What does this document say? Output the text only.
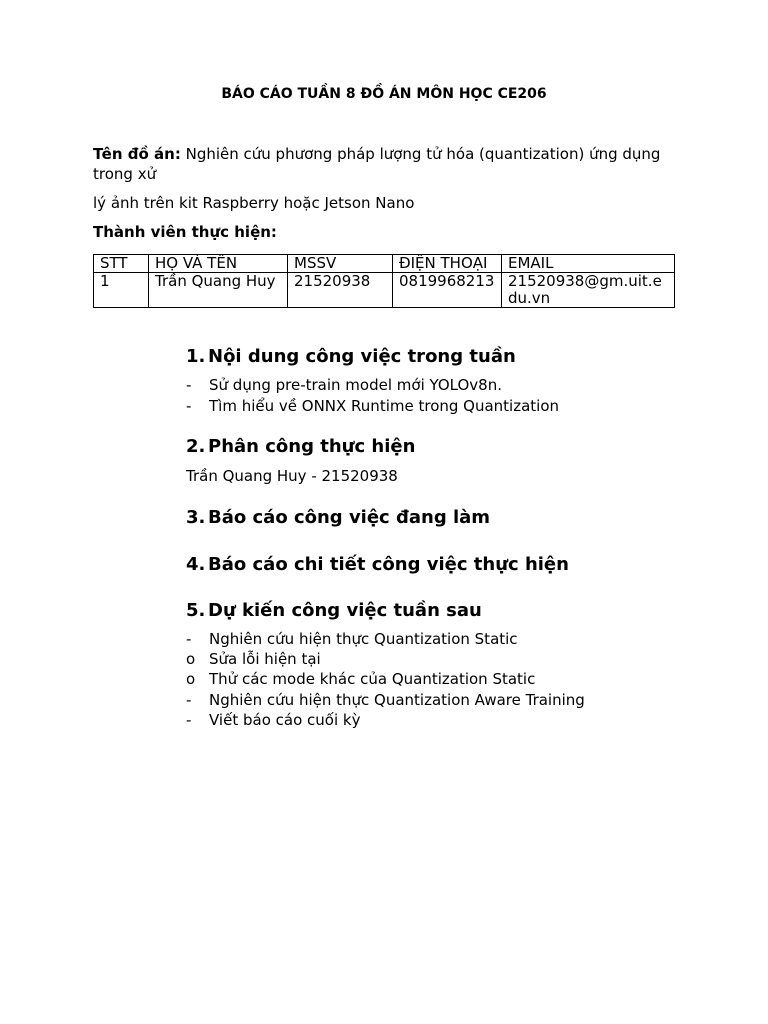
BÁO CÁO TUẦN 8 ĐỒ ÁN MÔN HỌC CE206
Tên đồ án: Nghiên cứu phương pháp lượng tử hóa (quantization) ứng dụng trong xử
lý ảnh trên kit Raspberry hoặc Jetson Nano
Thành viên thực hiện:
STT	HỌ VÀ TÊN	MSSV	ĐIỆN THOẠI	EMAIL
1	Trần Quang Huy	21520938	0819968213	21520938@gm.uit.edu.vn
1. Nội dung công việc trong tuần
- Sử dụng pre-train model mới YOLOv8n.
- Tìm hiểu về ONNX Runtime trong Quantization
2. Phân công thực hiện
Trần Quang Huy - 21520938
3. Báo cáo công việc đang làm
4. Báo cáo chi tiết công việc thực hiện
5. Dự kiến công việc tuần sau
- Nghiên cứu hiện thực Quantization Static
o Sửa lỗi hiện tại
o Thử các mode khác của Quantization Static
- Nghiên cứu hiện thực Quantization Aware Training
- Viết báo cáo cuối kỳ
